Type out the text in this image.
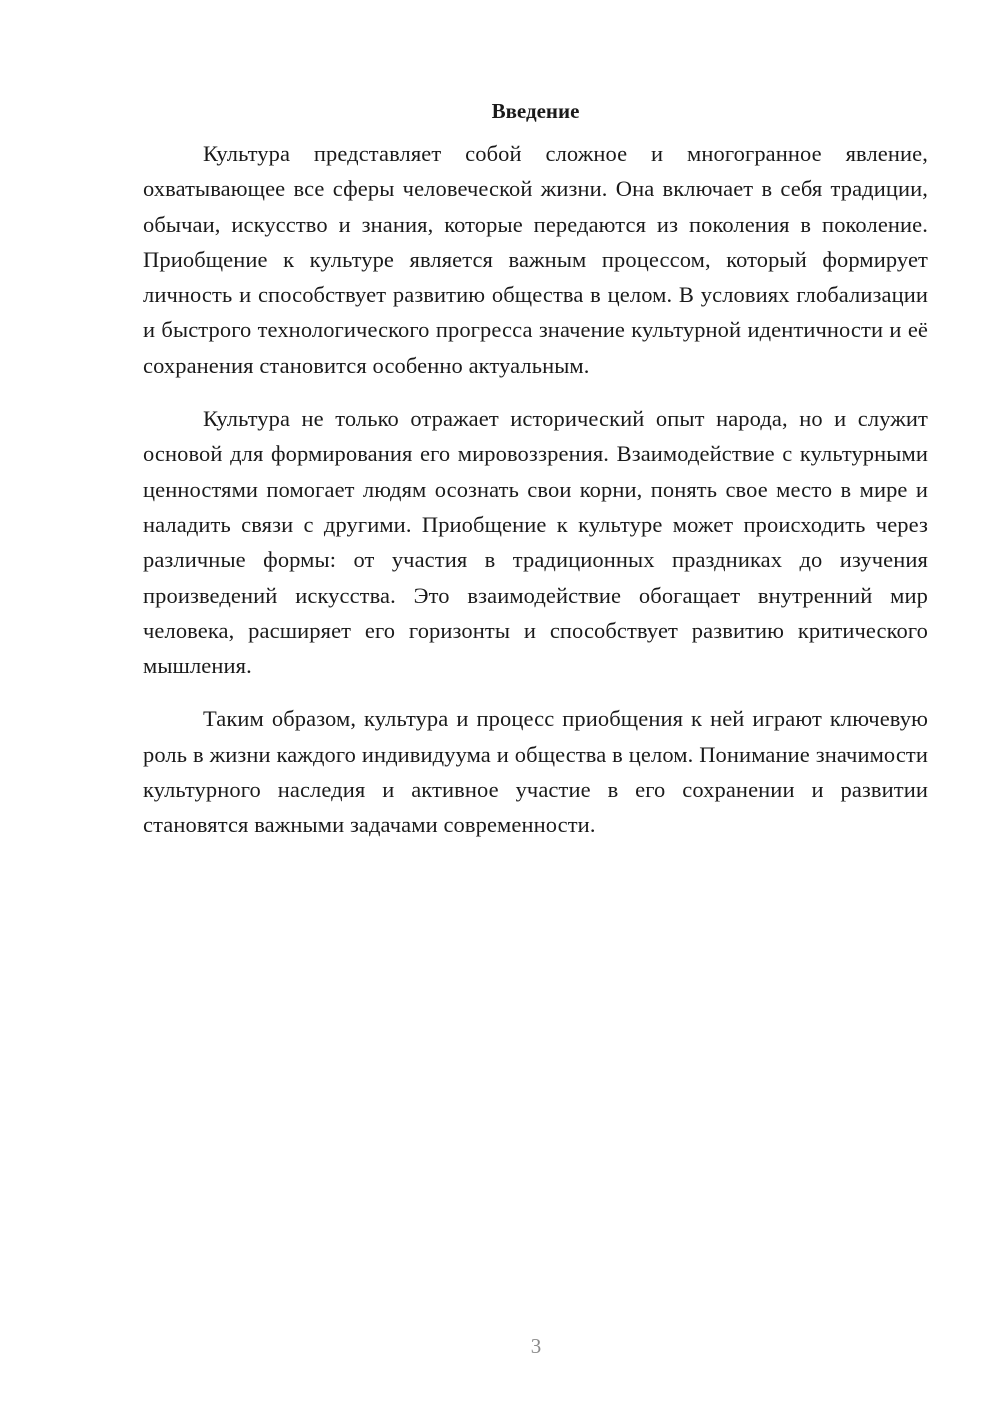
Введение

Культура представляет собой сложное и многогранное явление, охватывающее все сферы человеческой жизни. Она включает в себя традиции, обычаи, искусство и знания, которые передаются из поколения в поколение. Приобщение к культуре является важным процессом, который формирует личность и способствует развитию общества в целом. В условиях глобализации и быстрого технологического прогресса значение культурной идентичности и её сохранения становится особенно актуальным.

Культура не только отражает исторический опыт народа, но и служит основой для формирования его мировоззрения. Взаимодействие с культурными ценностями помогает людям осознать свои корни, понять свое место в мире и наладить связи с другими. Приобщение к культуре может происходить через различные формы: от участия в традиционных праздниках до изучения произведений искусства. Это взаимодействие обогащает внутренний мир человека, расширяет его горизонты и способствует развитию критического мышления.

Таким образом, культура и процесс приобщения к ней играют ключевую роль в жизни каждого индивидуума и общества в целом. Понимание значимости культурного наследия и активное участие в его сохранении и развитии становятся важными задачами современности.

3
